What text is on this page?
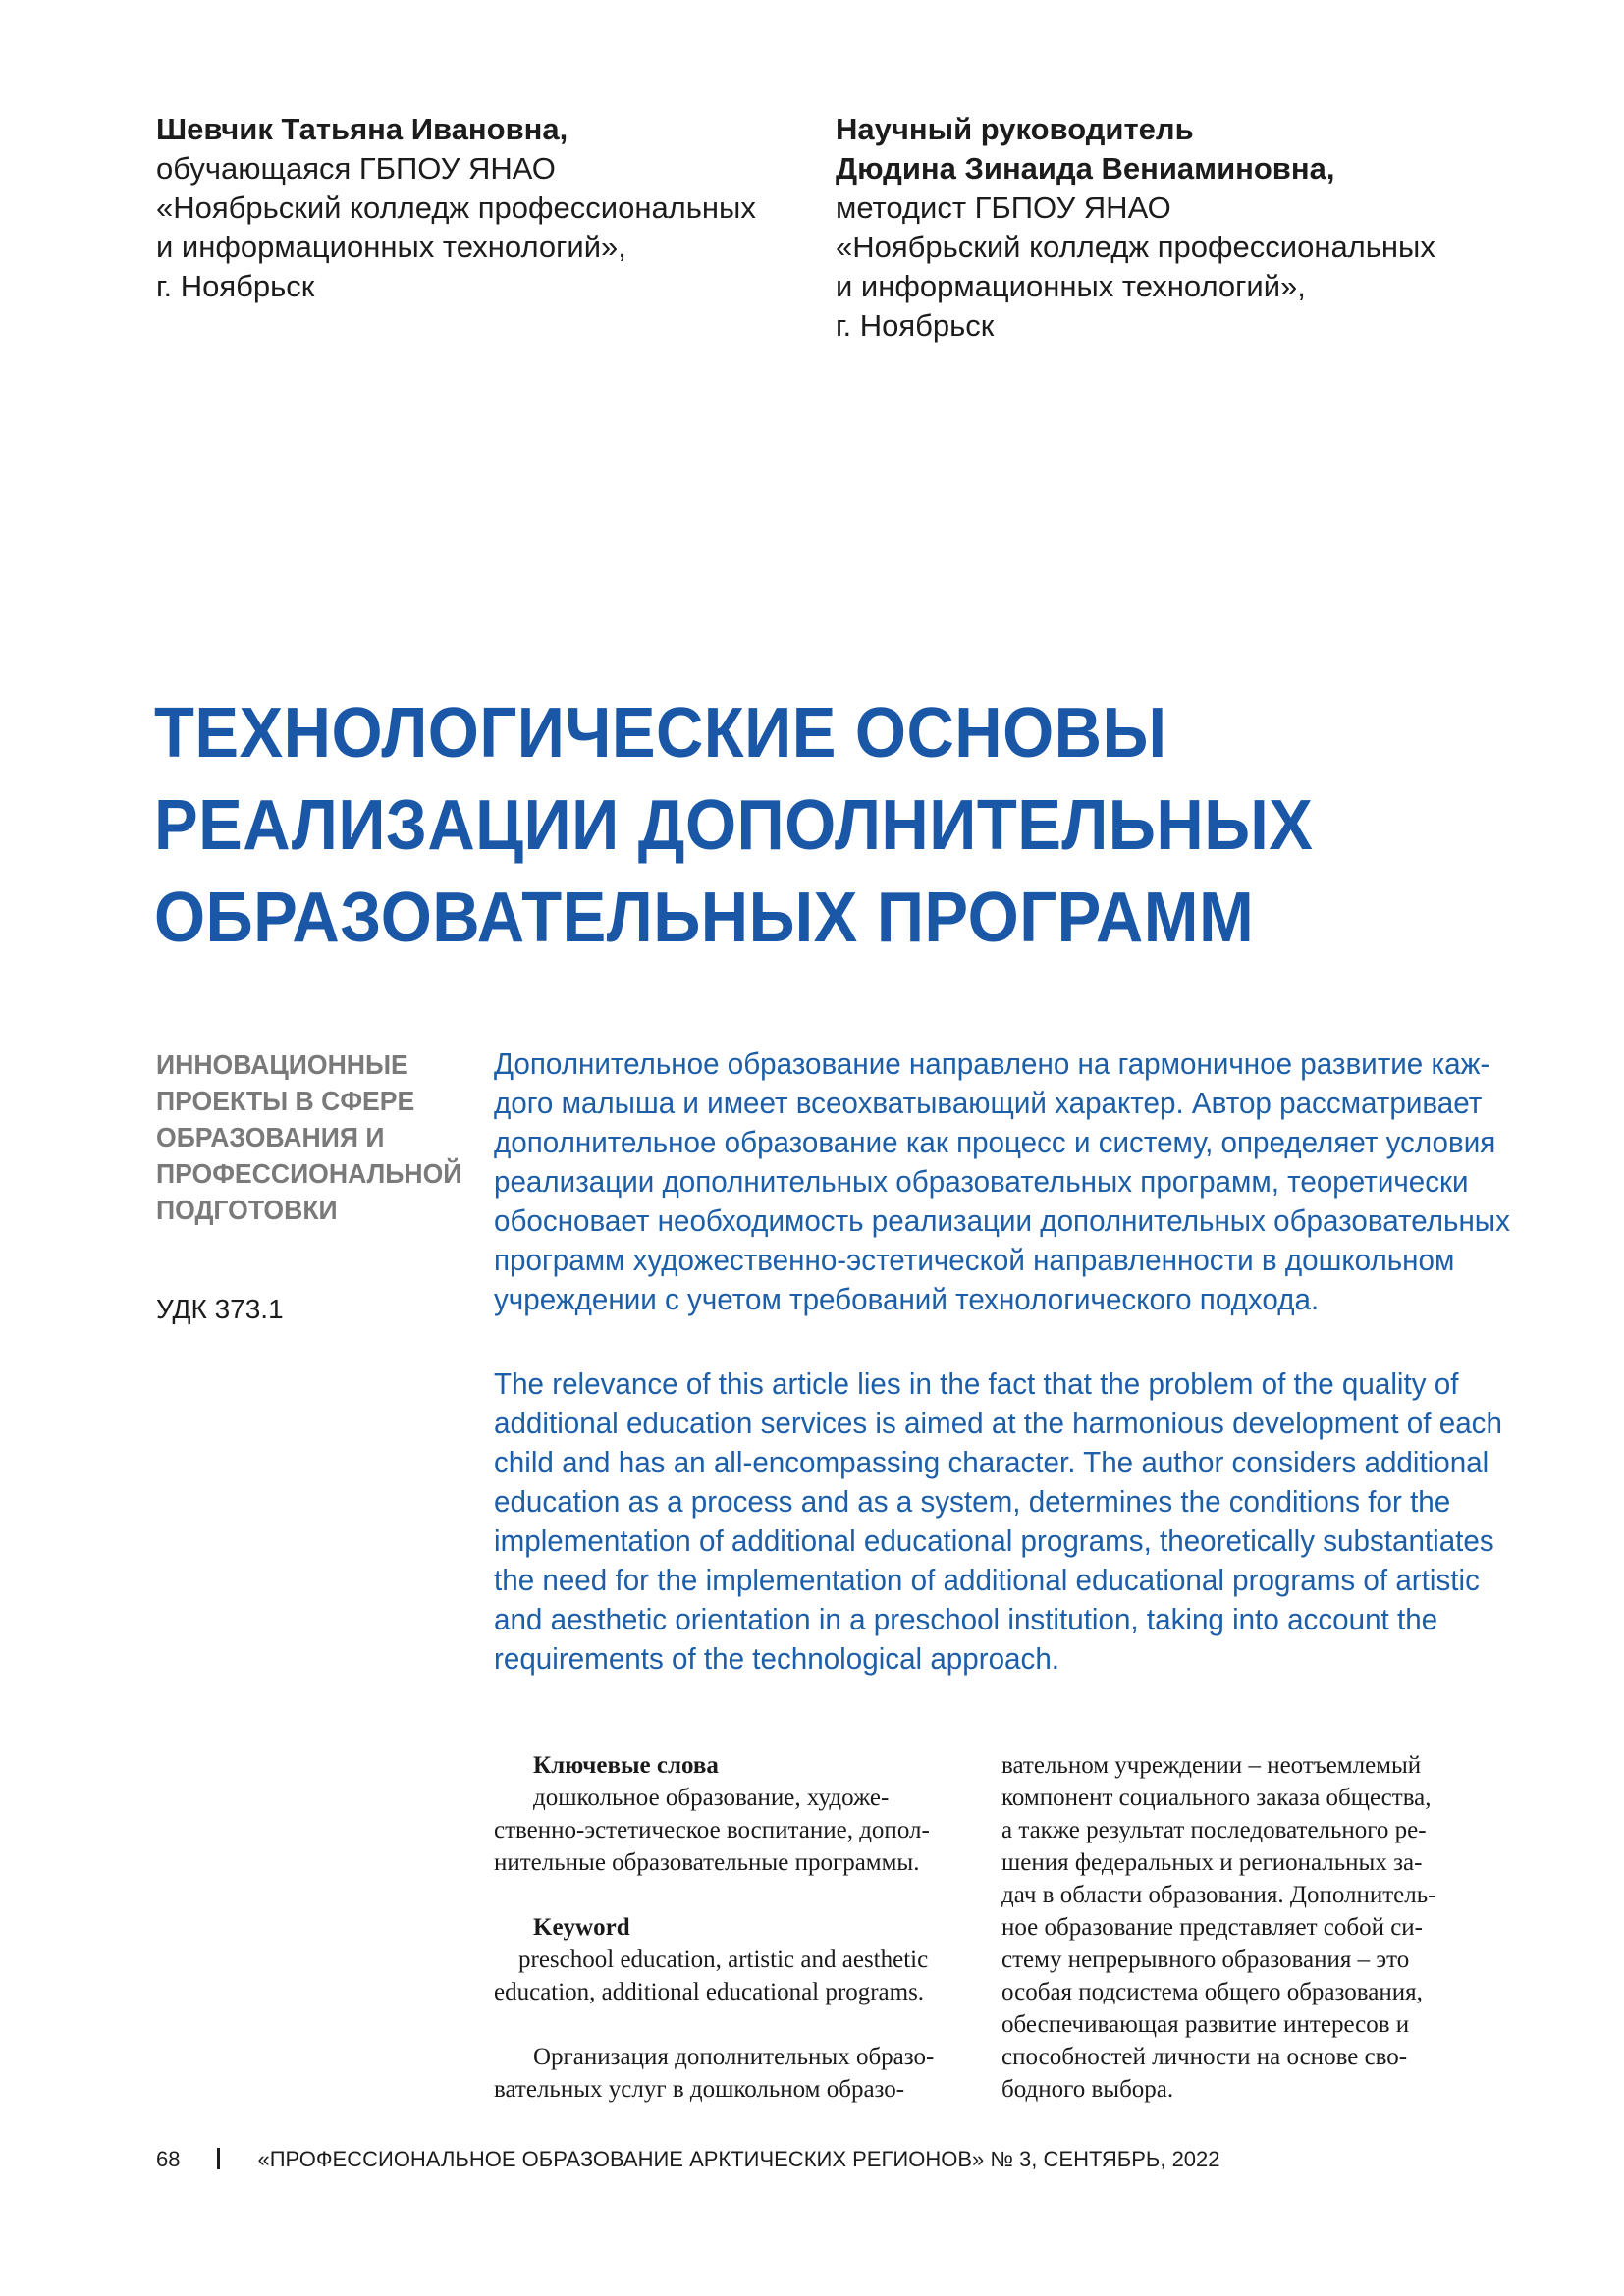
Шевчик Татьяна Ивановна,
обучающаяся ГБПОУ ЯНАО
«Ноябрьский колледж профессиональных
и информационных технологий»,
г. Ноябрьск
Научный руководитель
Дюдина Зинаида Вениаминовна,
методист ГБПОУ ЯНАО
«Ноябрьский колледж профессиональных
и информационных технологий»,
г. Ноябрьск
ТЕХНОЛОГИЧЕСКИЕ ОСНОВЫ
РЕАЛИЗАЦИИ ДОПОЛНИТЕЛЬНЫХ
ОБРАЗОВАТЕЛЬНЫХ ПРОГРАММ
ИННОВАЦИОННЫЕ
ПРОЕКТЫ В СФЕРЕ
ОБРАЗОВАНИЯ И
ПРОФЕССИОНАЛЬНОЙ
ПОДГОТОВКИ
УДК 373.1
Дополнительное образование направлено на гармоничное развитие каж-
дого малыша и имеет всеохватывающий характер. Автор рассматривает
дополнительное образование как процесс и систему, определяет условия
реализации дополнительных образовательных программ, теоретически
обосновает необходимость реализации дополнительных образовательных
программ художественно-эстетической направленности в дошкольном
учреждении с учетом требований технологического подхода.
The relevance of this article lies in the fact that the problem of the quality of
additional education services is aimed at the harmonious development of each
child and has an all-encompassing character. The author considers additional
education as a process and as a system, determines the conditions for the
implementation of additional educational programs, theoretically substantiates
the need for the implementation of additional educational programs of artistic
and aesthetic orientation in a preschool institution, taking into account the
requirements of the technological approach.
Ключевые слова
дошкольное образование, художе-
ственно-эстетическое воспитание, допол-
нительные образовательные программы.
Keyword
preschool education, artistic and aesthetic
education, additional educational programs.
Организация дополнительных образо-
вательных услуг в дошкольном образо-
вательном учреждении – неотъемлемый
компонент социального заказа общества,
а также результат последовательного ре-
шения федеральных и региональных за-
дач в области образования. Дополнитель-
ное образование представляет собой си-
стему непрерывного образования – это
особая подсистема общего образования,
обеспечивающая развитие интересов и
способностей личности на основе сво-
бодного выбора.
68	«ПРОФЕССИОНАЛЬНОЕ ОБРАЗОВАНИЕ АРКТИЧЕСКИХ РЕГИОНОВ» № 3, СЕНТЯБРЬ, 2022
